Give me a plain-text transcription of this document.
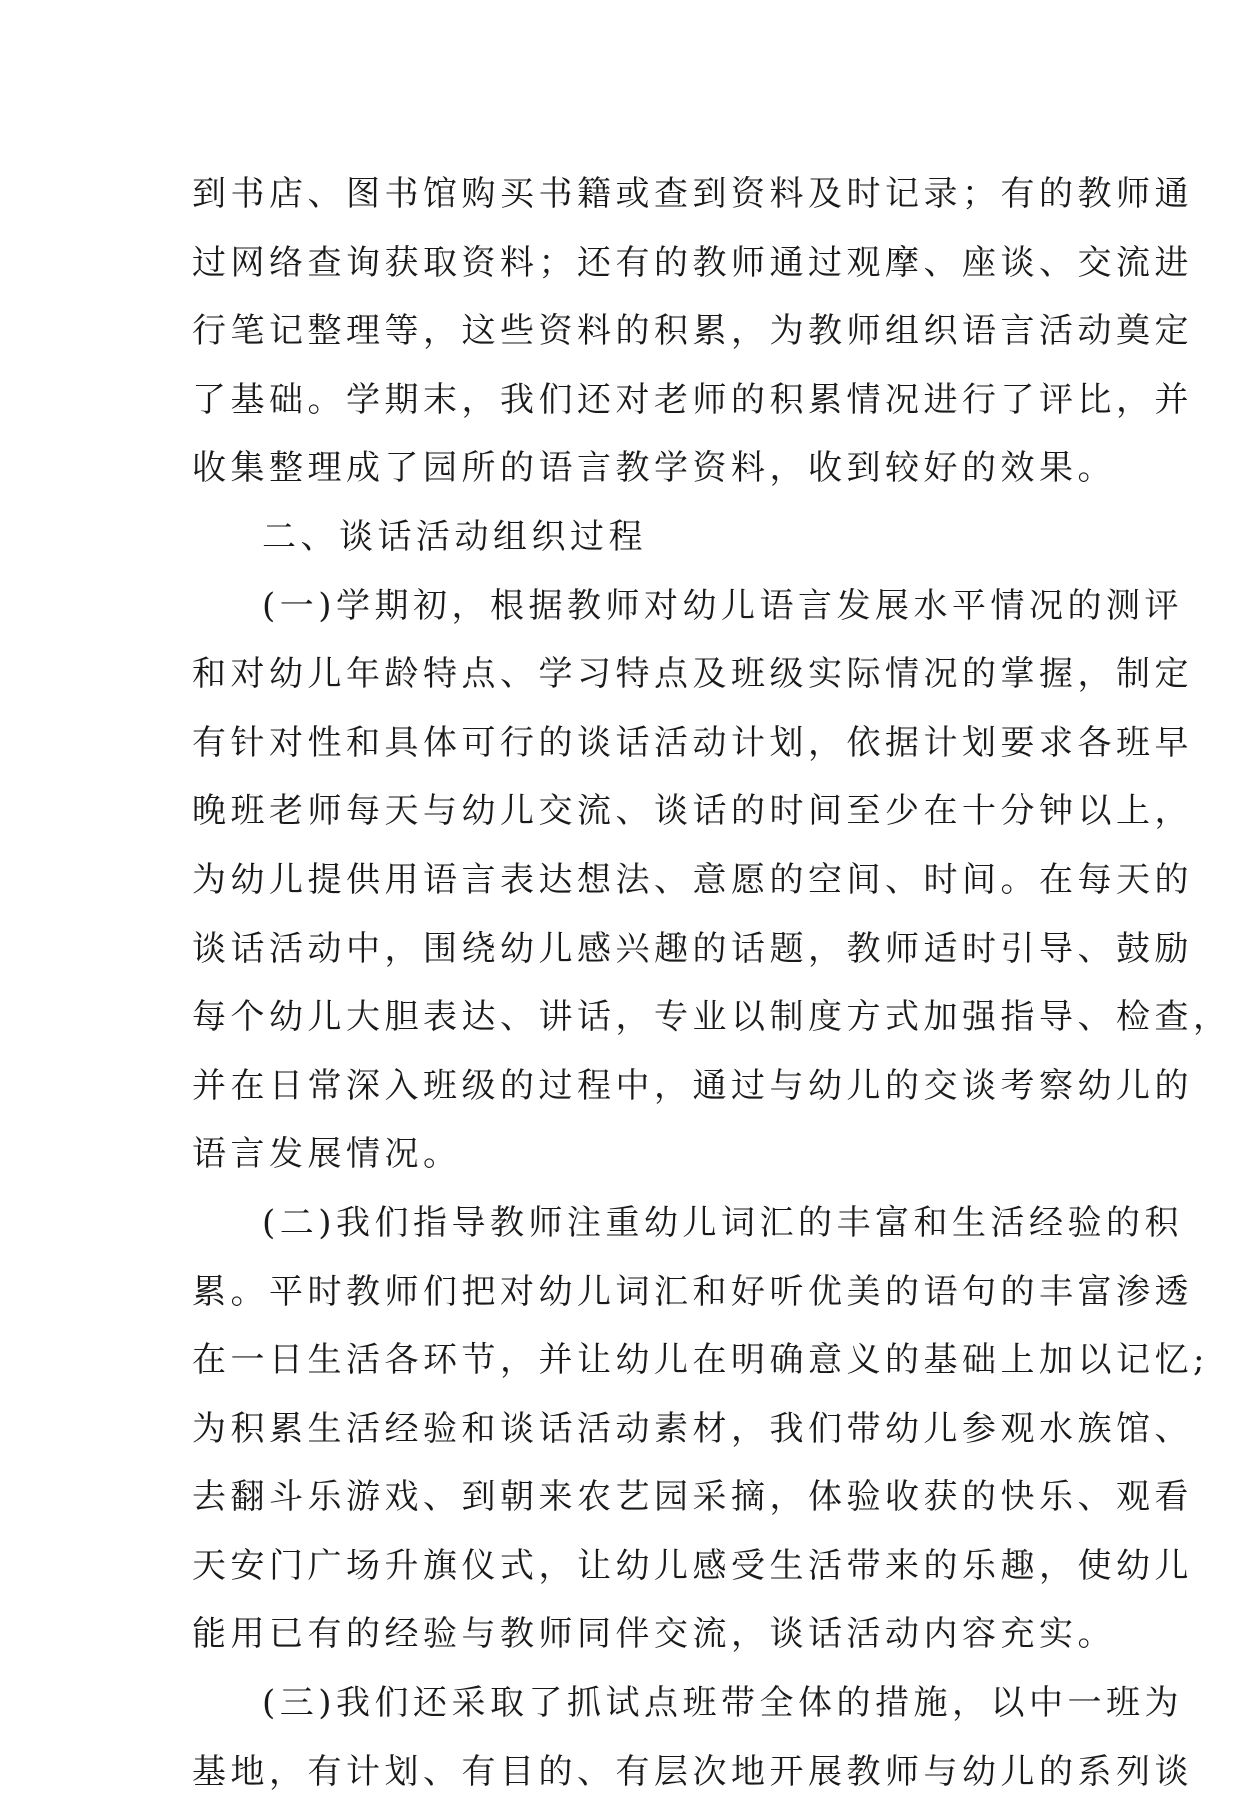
到书店、图书馆购买书籍或查到资料及时记录；有的教师通
过网络查询获取资料；还有的教师通过观摩、座谈、交流进
行笔记整理等，这些资料的积累，为教师组织语言活动奠定
了基础。学期末，我们还对老师的积累情况进行了评比，并
收集整理成了园所的语言教学资料，收到较好的效果。
二、谈话活动组织过程
(一)学期初，根据教师对幼儿语言发展水平情况的测评
和对幼儿年龄特点、学习特点及班级实际情况的掌握，制定
有针对性和具体可行的谈话活动计划，依据计划要求各班早
晚班老师每天与幼儿交流、谈话的时间至少在十分钟以上，
为幼儿提供用语言表达想法、意愿的空间、时间。在每天的
谈话活动中，围绕幼儿感兴趣的话题，教师适时引导、鼓励
每个幼儿大胆表达、讲话，专业以制度方式加强指导、检查，
并在日常深入班级的过程中，通过与幼儿的交谈考察幼儿的
语言发展情况。
(二)我们指导教师注重幼儿词汇的丰富和生活经验的积
累。平时教师们把对幼儿词汇和好听优美的语句的丰富渗透
在一日生活各环节，并让幼儿在明确意义的基础上加以记忆;
为积累生活经验和谈话活动素材，我们带幼儿参观水族馆、
去翻斗乐游戏、到朝来农艺园采摘，体验收获的快乐、观看
天安门广场升旗仪式，让幼儿感受生活带来的乐趣，使幼儿
能用已有的经验与教师同伴交流，谈话活动内容充实。
(三)我们还采取了抓试点班带全体的措施，以中一班为
基地，有计划、有目的、有层次地开展教师与幼儿的系列谈
